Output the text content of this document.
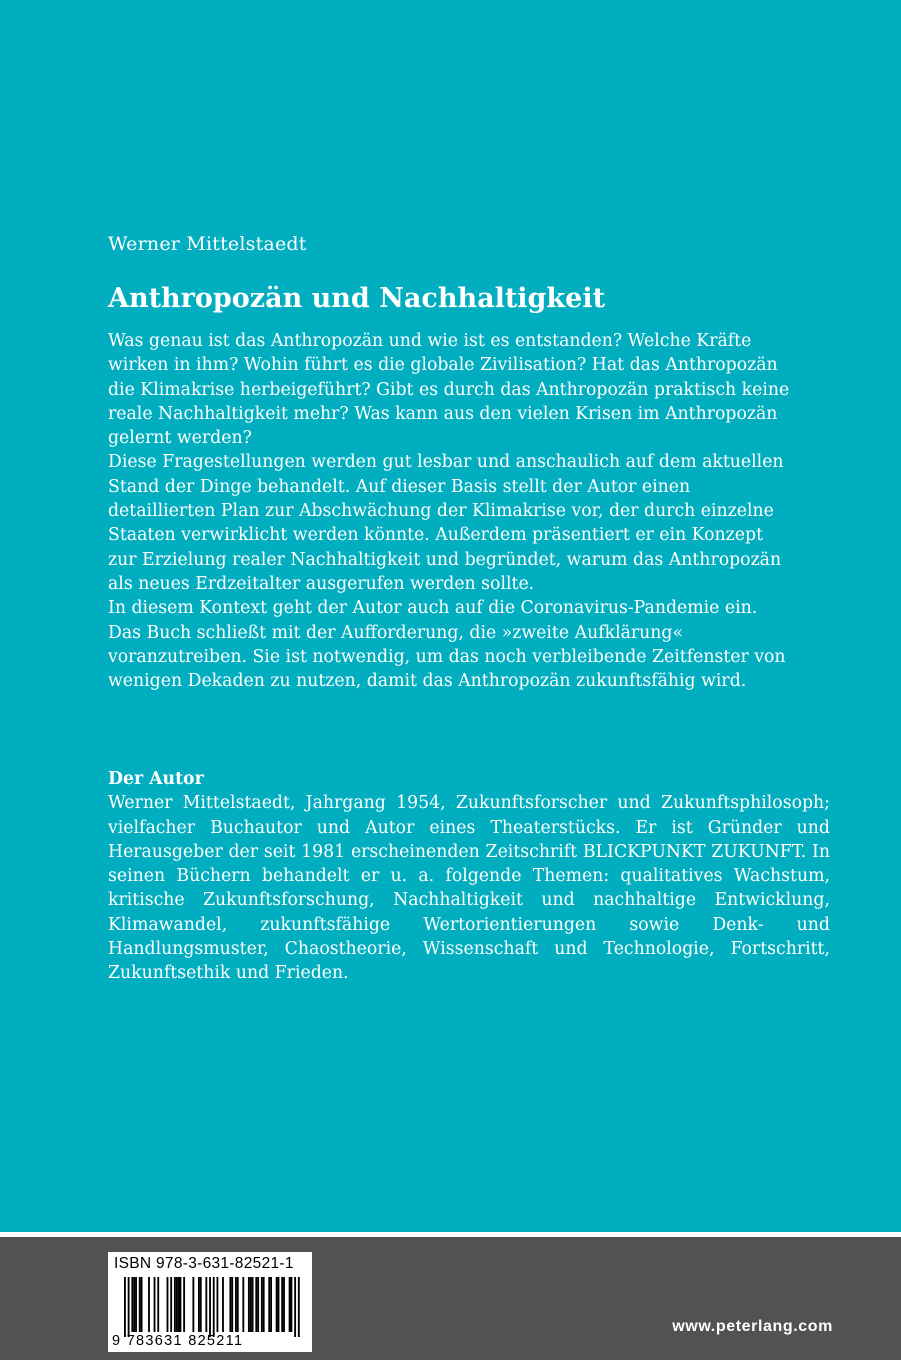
Werner Mittelstaedt
Anthropozän und Nachhaltigkeit

Was genau ist das Anthropozän und wie ist es entstanden? Welche Kräfte wirken in ihm? Wohin führt es die globale Zivilisation? Hat das Anthropozän die Klimakrise herbeigeführt? Gibt es durch das Anthropozän praktisch keine reale Nachhaltigkeit mehr? Was kann aus den vielen Krisen im Anthropozän gelernt werden?

Diese Fragestellungen werden gut lesbar und anschaulich auf dem aktuellen Stand der Dinge behandelt. Auf dieser Basis stellt der Autor einen detaillierten Plan zur Abschwächung der Klimakrise vor, der durch einzelne Staaten verwirklicht werden könnte. Außerdem präsentiert er ein Konzept zur Erzielung realer Nachhaltigkeit und begründet, warum das Anthropozän als neues Erdzeitalter ausgerufen werden sollte.

In diesem Kontext geht der Autor auch auf die Coronavirus-Pandemie ein.

Das Buch schließt mit der Aufforderung, die »zweite Aufklärung« voranzutreiben. Sie ist notwendig, um das noch verbleibende Zeitfenster von wenigen Dekaden zu nutzen, damit das Anthropozän zukunftsfähig wird.

Der Autor

Werner Mittelstaedt, Jahrgang 1954, Zukunftsforscher und Zukunftsphilosoph; vielfacher Buchautor und Autor eines Theaterstücks. Er ist Gründer und Herausgeber der seit 1981 erscheinenden Zeitschrift BLICKPUNKT ZUKUNFT. In seinen Büchern behandelt er u. a. folgende Themen: qualitatives Wachstum, kritische Zukunftsforschung, Nachhaltigkeit und nachhaltige Entwicklung, Klimawandel, zukunftsfähige Wertorientierungen sowie Denk- und Handlungsmuster, Chaostheorie, Wissenschaft und Technologie, Fortschritt, Zukunftsethik und Frieden.

ISBN 978-3-631-82521-1
9 783631 825211
www.peterlang.com
